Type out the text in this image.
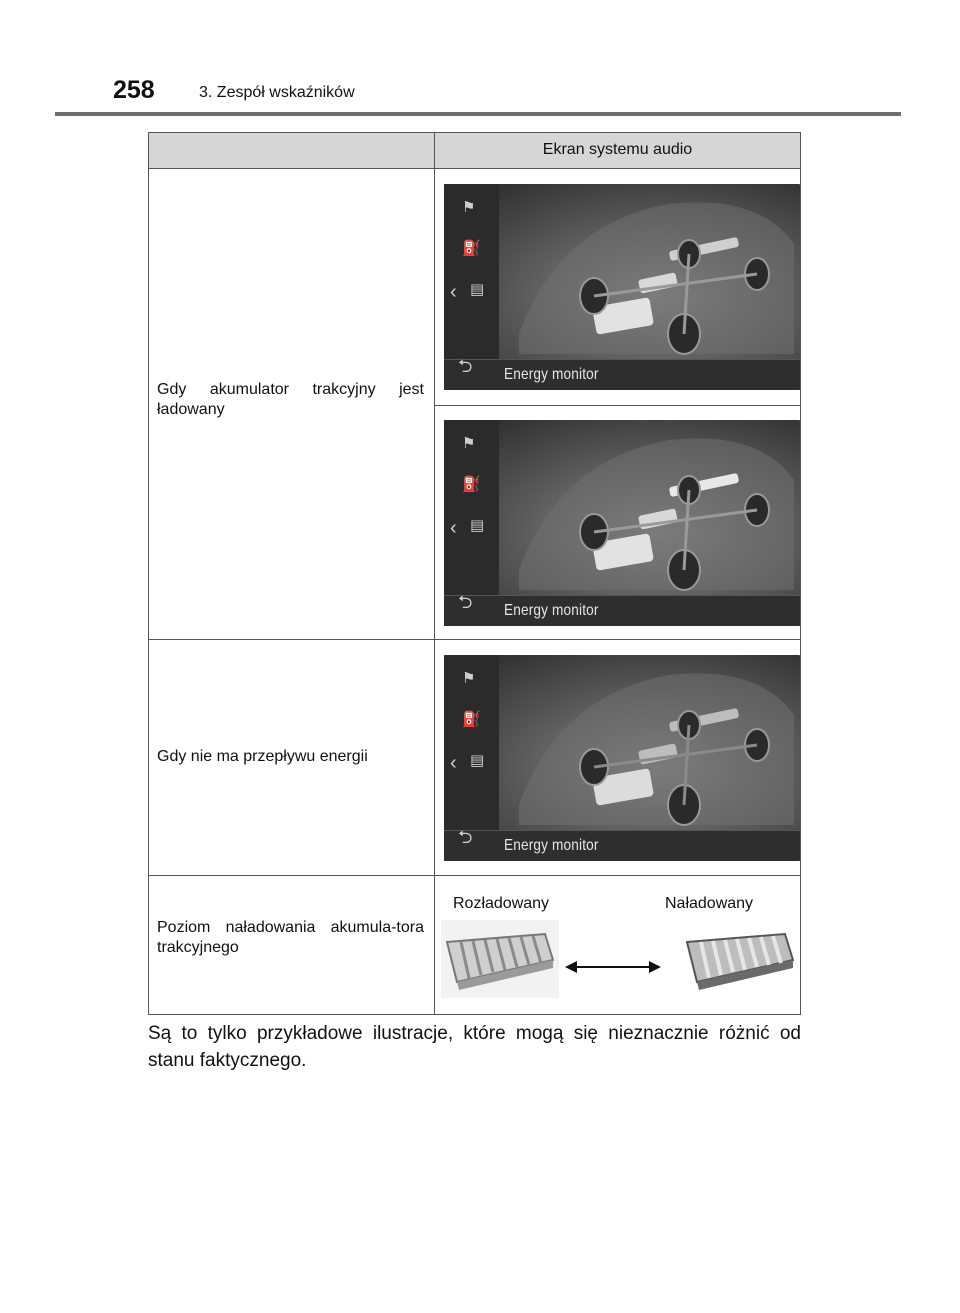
258	3. Zespół wskaźników
Ekran systemu audio
Gdy akumulator trakcyjny jest ładowany
⚑
⛽
‹ ▤
⮌ Energy monitor
⚑
⛽
‹ ▤
⮌ Energy monitor
Gdy nie ma przepływu energii
⚑
⛽
‹ ▤
⮌ Energy monitor
Poziom naładowania akumula-tora trakcyjnego
Rozładowany	Naładowany
Są to tylko przykładowe ilustracje, które mogą się nieznacznie różnić od stanu faktycznego.
